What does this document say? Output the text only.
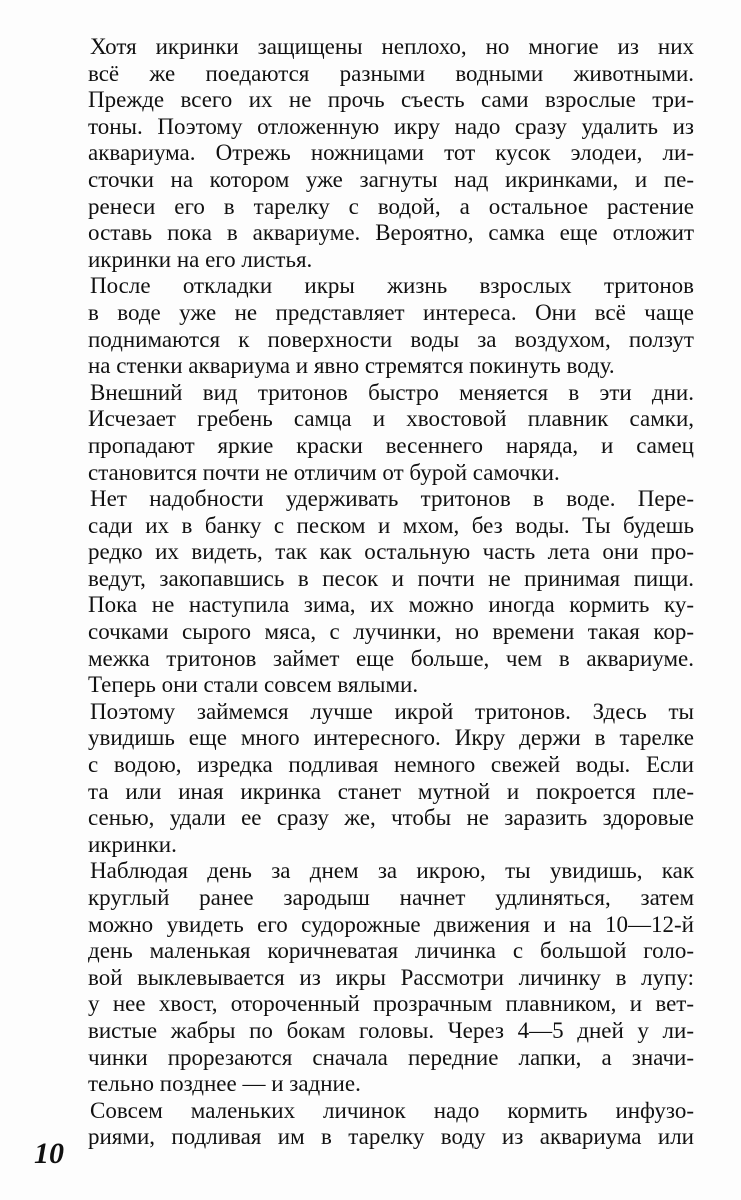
Хотя икринки защищены неплохо, но многие из них
всё же поедаются разными водными животными.
Прежде всего их не прочь съесть сами взрослые три-
тоны. Поэтому отложенную икру надо сразу удалить из
аквариума. Отрежь ножницами тот кусок элодеи, ли-
сточки на котором уже загнуты над икринками, и пе-
ренеси его в тарелку с водой, а остальное растение
оставь пока в аквариуме. Вероятно, самка еще отложит
икринки на его листья.

После откладки икры жизнь взрослых тритонов
в воде уже не представляет интереса. Они всё чаще
поднимаются к поверхности воды за воздухом, ползут
на стенки аквариума и явно стремятся покинуть воду.

Внешний вид тритонов быстро меняется в эти дни.
Исчезает гребень самца и хвостовой плавник самки,
пропадают яркие краски весеннего наряда, и самец
становится почти не отличим от бурой самочки.

Нет надобности удерживать тритонов в воде. Пере-
сади их в банку с песком и мхом, без воды. Ты будешь
редко их видеть, так как остальную часть лета они про-
ведут, закопавшись в песок и почти не принимая пищи.
Пока не наступила зима, их можно иногда кормить ку-
сочками сырого мяса, с лучинки, но времени такая кор-
межка тритонов займет еще больше, чем в аквариуме.
Теперь они стали совсем вялыми.

Поэтому займемся лучше икрой тритонов. Здесь ты
увидишь еще много интересного. Икру держи в тарелке
с водою, изредка подливая немного свежей воды. Если
та или иная икринка станет мутной и покроется пле-
сенью, удали ее сразу же, чтобы не заразить здоровые
икринки.

Наблюдая день за днем за икрою, ты увидишь, как
круглый ранее зародыш начнет удлиняться, затем
можно увидеть его судорожные движения и на 10—12-й
день маленькая коричневатая личинка с большой голо-
вой выклевывается из икры Рассмотри личинку в лупу:
у нее хвост, отороченный прозрачным плавником, и вет-
вистые жабры по бокам головы. Через 4—5 дней у ли-
чинки прорезаются сначала передние лапки, а значи-
тельно позднее — и задние.

Совсем маленьких личинок надо кормить инфузо-
риями, подливая им в тарелку воду из аквариума или

10
